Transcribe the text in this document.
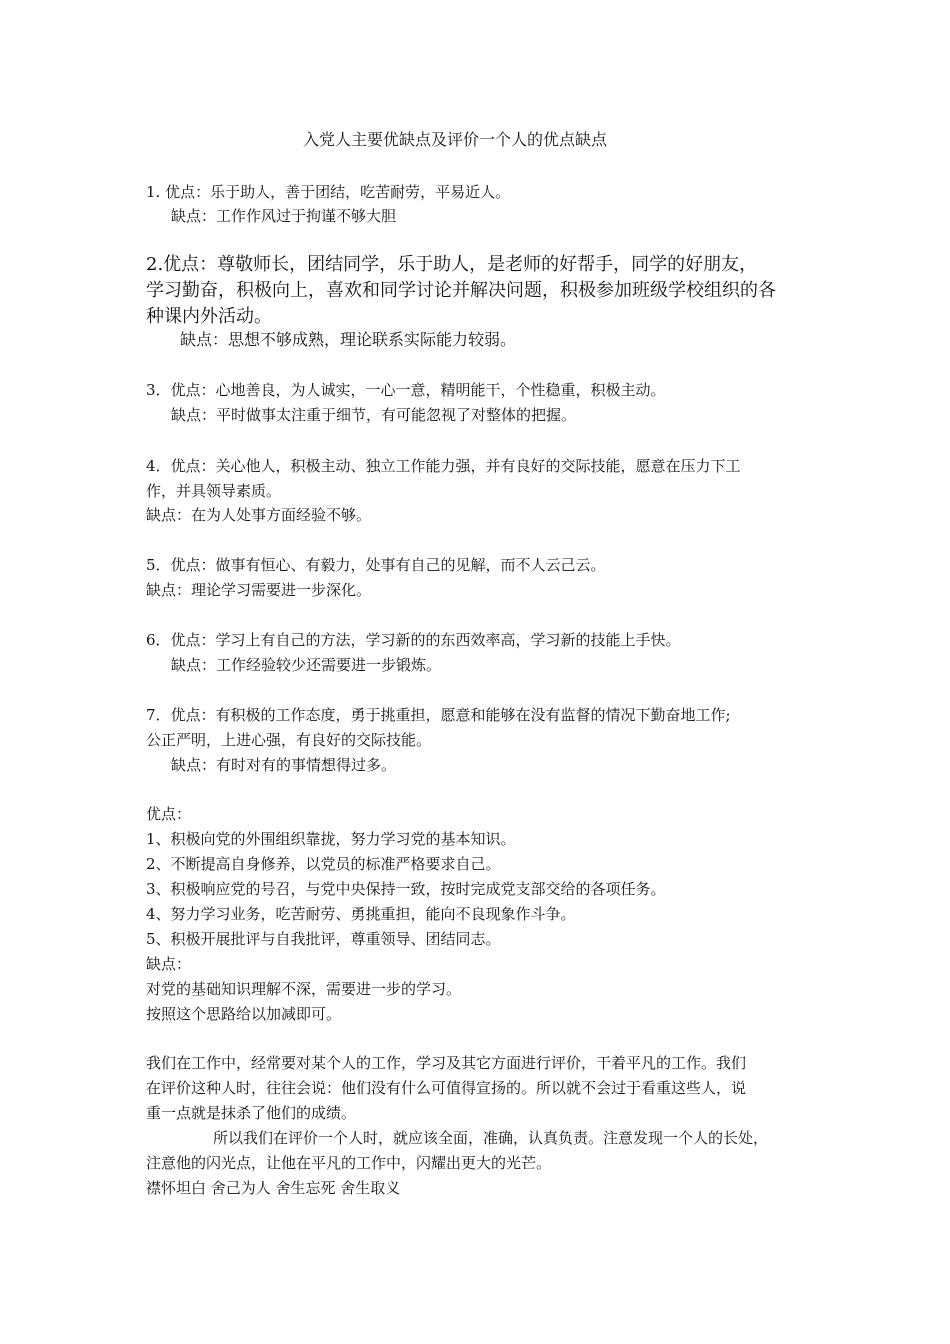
入党人主要优缺点及评价一个人的优点缺点
1. 优点：乐于助人，善于团结，吃苦耐劳，平易近人。
缺点：工作作风过于拘谨不够大胆
2.优点：尊敬师长，团结同学，乐于助人，是老师的好帮手，同学的好朋友，
学习勤奋，积极向上，喜欢和同学讨论并解决问题，积极参加班级学校组织的各
种课内外活动。
缺点：思想不够成熟，理论联系实际能力较弱。
3．优点：心地善良，为人诚实，一心一意，精明能干，个性稳重，积极主动。
缺点：平时做事太注重于细节，有可能忽视了对整体的把握。
4．优点：关心他人，积极主动、独立工作能力强，并有良好的交际技能，愿意在压力下工
作，并具领导素质。
缺点：在为人处事方面经验不够。
5．优点：做事有恒心、有毅力，处事有自己的见解，而不人云己云。
缺点：理论学习需要进一步深化。
6．优点：学习上有自己的方法，学习新的的东西效率高，学习新的技能上手快。
缺点：工作经验较少还需要进一步锻炼。
7．优点：有积极的工作态度，勇于挑重担，愿意和能够在没有监督的情况下勤奋地工作;
公正严明，上进心强，有良好的交际技能。
缺点：有时对有的事情想得过多。
优点：
1、积极向党的外围组织靠拢，努力学习党的基本知识。
2、不断提高自身修养，以党员的标准严格要求自己。
3、积极响应党的号召，与党中央保持一致，按时完成党支部交给的各项任务。
4、努力学习业务，吃苦耐劳、勇挑重担，能向不良现象作斗争。
5、积极开展批评与自我批评，尊重领导、团结同志。
缺点：
对党的基础知识理解不深，需要进一步的学习。
按照这个思路给以加减即可。
我们在工作中，经常要对某个人的工作，学习及其它方面进行评价，干着平凡的工作。我们
在评价这种人时，往往会说：他们没有什么可值得宣扬的。所以就不会过于看重这些人，说
重一点就是抹杀了他们的成绩。
所以我们在评价一个人时，就应该全面，准确，认真负责。注意发现一个人的长处，
注意他的闪光点，让他在平凡的工作中，闪耀出更大的光芒。
襟怀坦白 舍己为人 舍生忘死 舍生取义
